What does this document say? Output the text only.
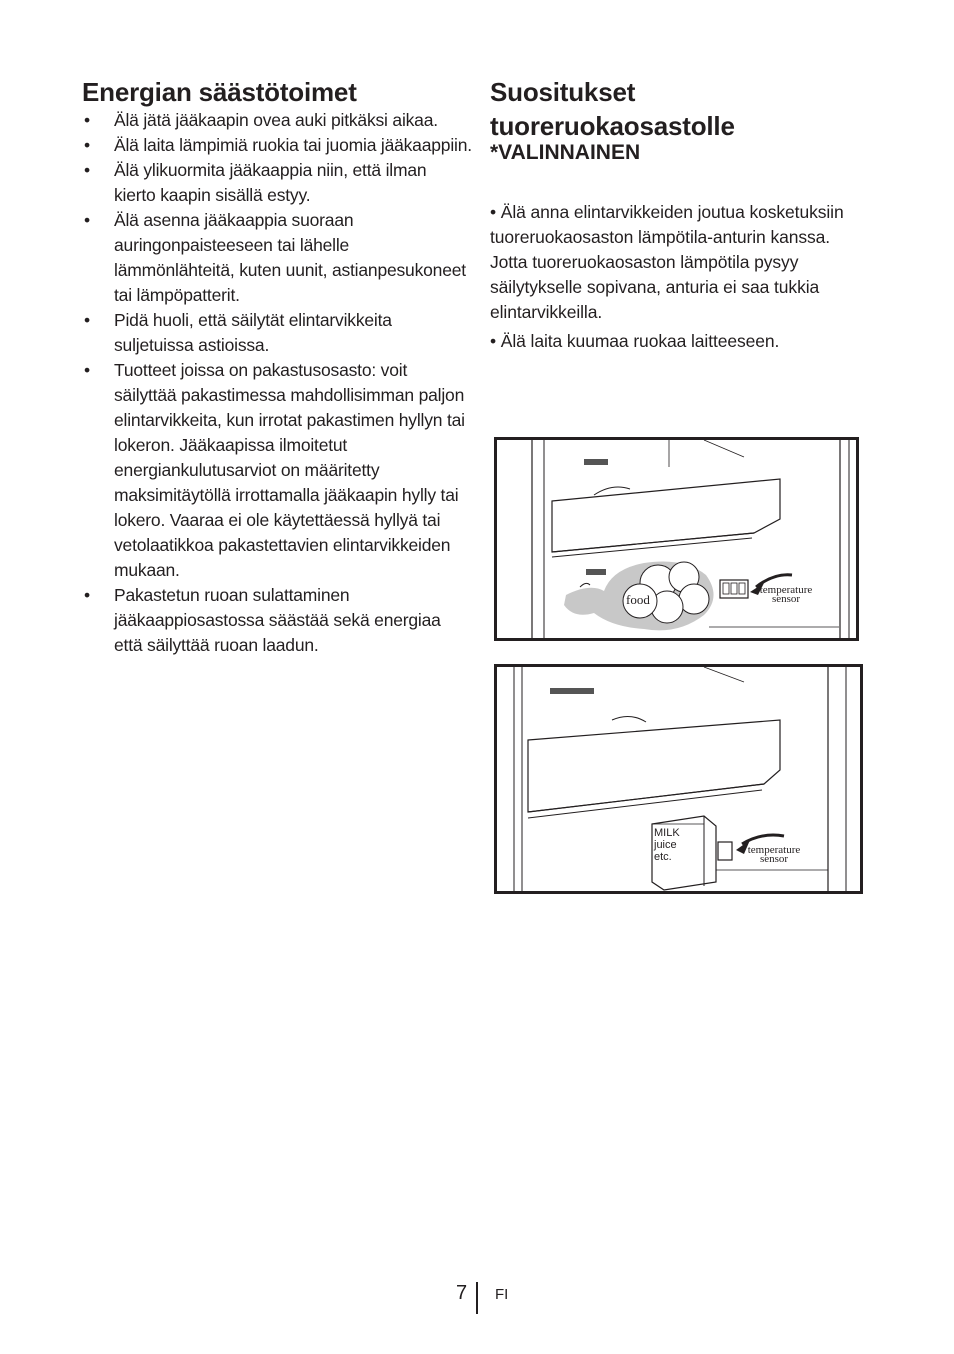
Energian säästötoimet
• Älä jätä jääkaapin ovea auki pitkäksi aikaa.
• Älä laita lämpimiä ruokia tai juomia jääkaappiin.
• Älä ylikuormita jääkaappia niin, että ilman kierto kaapin sisällä estyy.
• Älä asenna jääkaappia suoraan auringonpaisteeseen tai lähelle lämmönlähteitä, kuten uunit, astianpesukoneet tai lämpöpatterit.
• Pidä huoli, että säilytät elintarvikkeita suljetuissa astioissa.
• Tuotteet joissa on pakastusosasto: voit säilyttää pakastimessa mahdollisimman paljon elintarvikkeita, kun irrotat pakastimen hyllyn tai lokeron. Jääkaapissa ilmoitetut energiankulutusarviot on määritetty maksimitäytöllä irrottamalla jääkaapin hylly tai lokero. Vaaraa ei ole käytettäessä hyllyä tai vetolaatikkoa pakastettavien elintarvikkeiden mukaan.
• Pakastetun ruoan sulattaminen jääkaappiosastossa säästää sekä energiaa että säilyttää ruoan laadun.
Suositukset
tuoreruokaosastolle
*VALINNAINEN

• Älä anna elintarvikkeiden joutua kosketuksiin tuoreruokaosaston lämpötila-anturin kanssa. Jotta tuoreruokaosaston lämpötila pysyy säilytykselle sopivana, anturia ei saa tukkia elintarvikkeilla.

• Älä laita kuumaa ruokaa laitteeseen.

food
temperature
sensor
MILK
juice
etc.
temperature
sensor
7 FI
